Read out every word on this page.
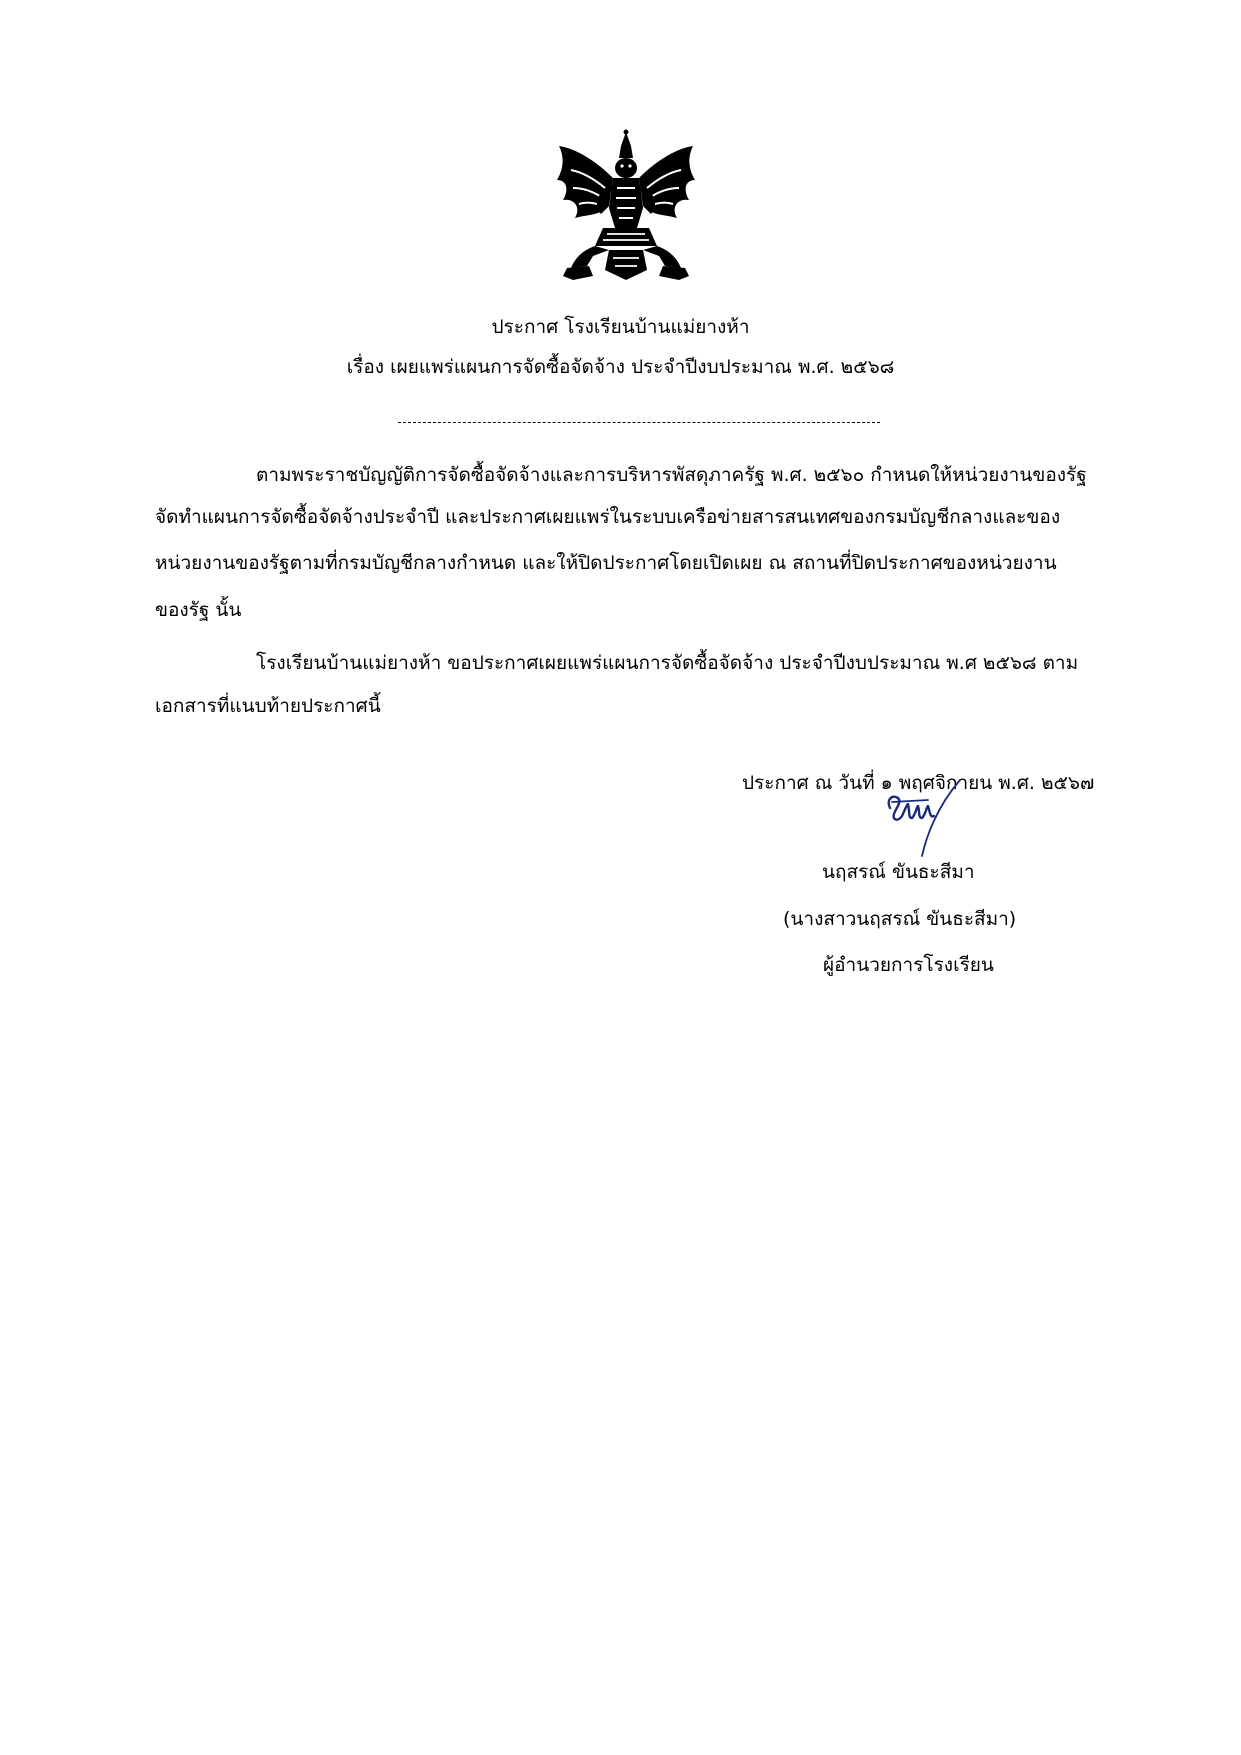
ประกาศ โรงเรียนบ้านแม่ยางห้า
เรื่อง เผยแพร่แผนการจัดซื้อจัดจ้าง ประจำปีงบประมาณ พ.ศ. ๒๕๖๘
ตามพระราชบัญญัติการจัดซื้อจัดจ้างและการบริหารพัสดุภาครัฐ พ.ศ. ๒๕๖๐ กำหนดให้หน่วยงานของรัฐ
จัดทำแผนการจัดซื้อจัดจ้างประจำปี และประกาศเผยแพร่ในระบบเครือข่ายสารสนเทศของกรมบัญชีกลางและของ
หน่วยงานของรัฐตามที่กรมบัญชีกลางกำหนด และให้ปิดประกาศโดยเปิดเผย ณ สถานที่ปิดประกาศของหน่วยงาน
ของรัฐ นั้น
โรงเรียนบ้านแม่ยางห้า ขอประกาศเผยแพร่แผนการจัดซื้อจัดจ้าง ประจำปีงบประมาณ พ.ศ ๒๕๖๘ ตาม
เอกสารที่แนบท้ายประกาศนี้
ประกาศ ณ วันที่ ๑ พฤศจิกายน พ.ศ. ๒๕๖๗
นฤสรณ์ ขันธะสีมา
(นางสาวนฤสรณ์ ขันธะสีมา)
ผู้อำนวยการโรงเรียน
